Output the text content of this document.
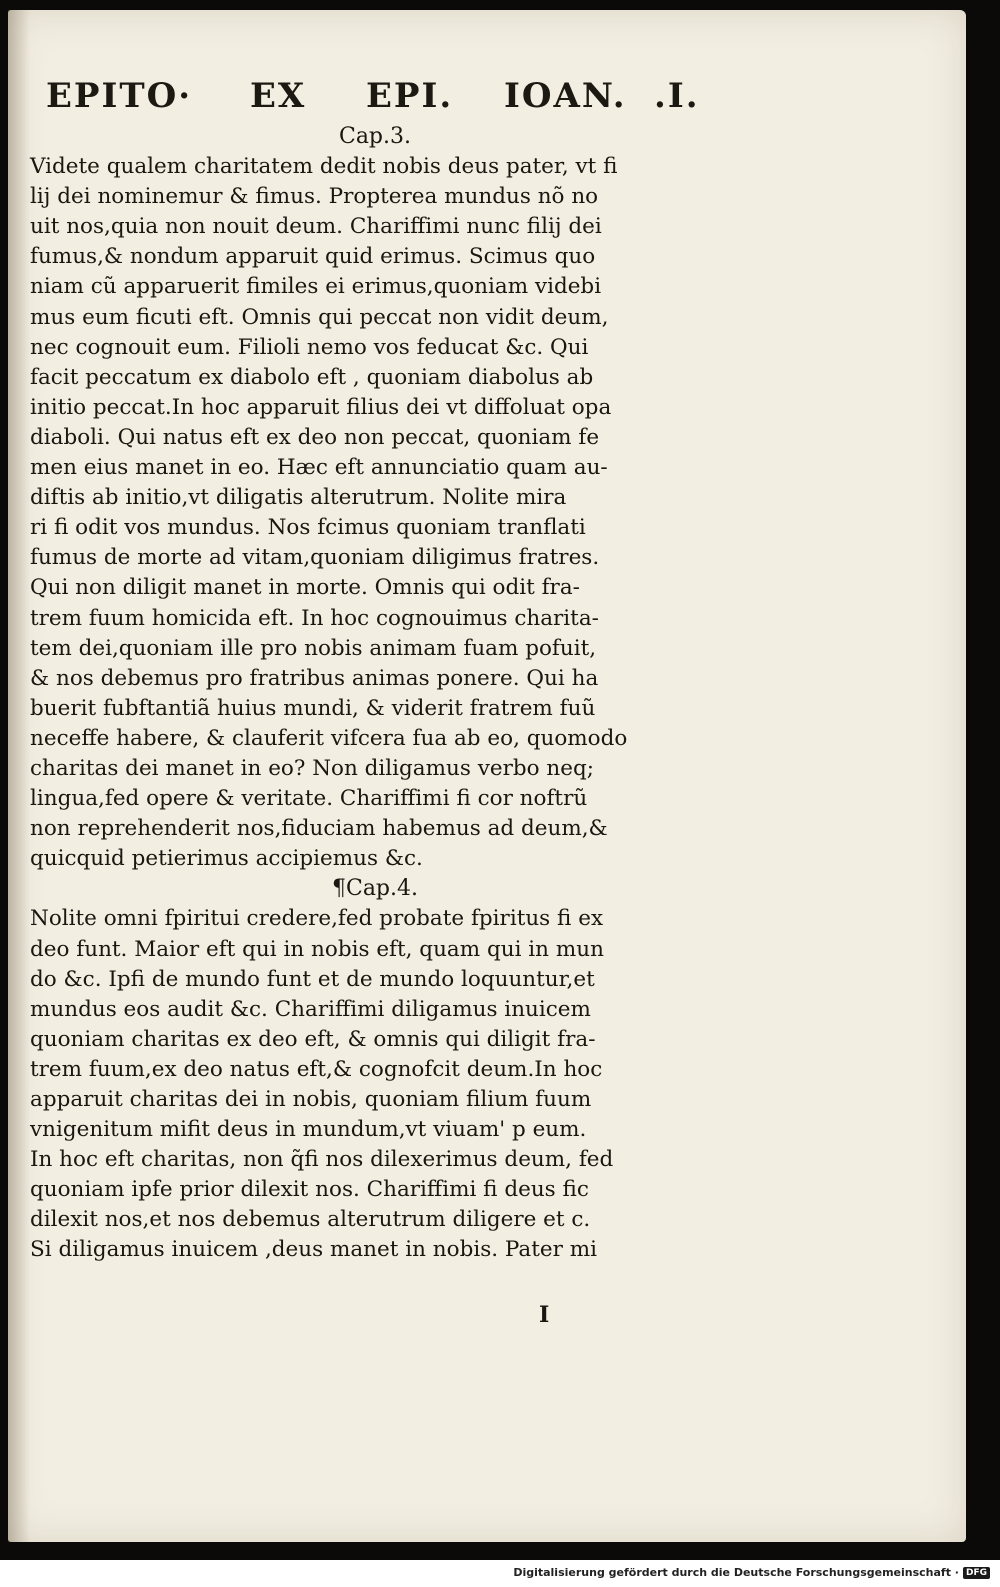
EPITO· EX EPI. IOAN. .I.
Cap.3.
Videte qualem charitatem dedit nobis deus pater, vt fi
lij dei nominemur & fimus. Propterea mundus nõ no
uit nos,quia non nouit deum. Chariffimi nunc filij dei
fumus,& nondum apparuit quid erimus. Scimus quo
niam cũ apparuerit fimiles ei erimus,quoniam videbi
mus eum ficuti eft. Omnis qui peccat non vidit deum,
nec cognouit eum. Filioli nemo vos feducat &c. Qui
facit peccatum ex diabolo eft , quoniam diabolus ab
initio peccat.In hoc apparuit filius dei vt diffoluat opa
diaboli. Qui natus eft ex deo non peccat, quoniam fe
men eius manet in eo. Hæc eft annunciatio quam au-
diftis ab initio,vt diligatis alterutrum. Nolite mira
ri fi odit vos mundus. Nos fcimus quoniam tranflati
fumus de morte ad vitam,quoniam diligimus fratres.
Qui non diligit manet in morte. Omnis qui odit fra-
trem fuum homicida eft. In hoc cognouimus charita-
tem dei,quoniam ille pro nobis animam fuam pofuit,
& nos debemus pro fratribus animas ponere. Qui ha
buerit fubftantiã huius mundi, & viderit fratrem fuũ
neceffe habere, & clauferit vifcera fua ab eo, quomodo
charitas dei manet in eo? Non diligamus verbo neq;
lingua,fed opere & veritate. Chariffimi fi cor noftrũ
non reprehenderit nos,fiduciam habemus ad deum,&
quicquid petierimus accipiemus &c.
¶Cap.4.
Nolite omni fpiritui credere,fed probate fpiritus fi ex
deo funt. Maior eft qui in nobis eft, quam qui in mun
do &c. Ipfi de mundo funt et de mundo loquuntur,et
mundus eos audit &c. Chariffimi diligamus inuicem
quoniam charitas ex deo eft, & omnis qui diligit fra-
trem fuum,ex deo natus eft,& cognofcit deum.In hoc
apparuit charitas dei in nobis, quoniam filium fuum
vnigenitum mifit deus in mundum,vt viuam' p eum.
In hoc eft charitas, non q̃fi nos dilexerimus deum, fed
quoniam ipfe prior dilexit nos. Chariffimi fi deus fic
dilexit nos,et nos debemus alterutrum diligere et c.
Si diligamus inuicem ,deus manet in nobis. Pater mi
I
Digitalisierung gefördert durch die Deutsche Forschungsgemeinschaft · DFG
